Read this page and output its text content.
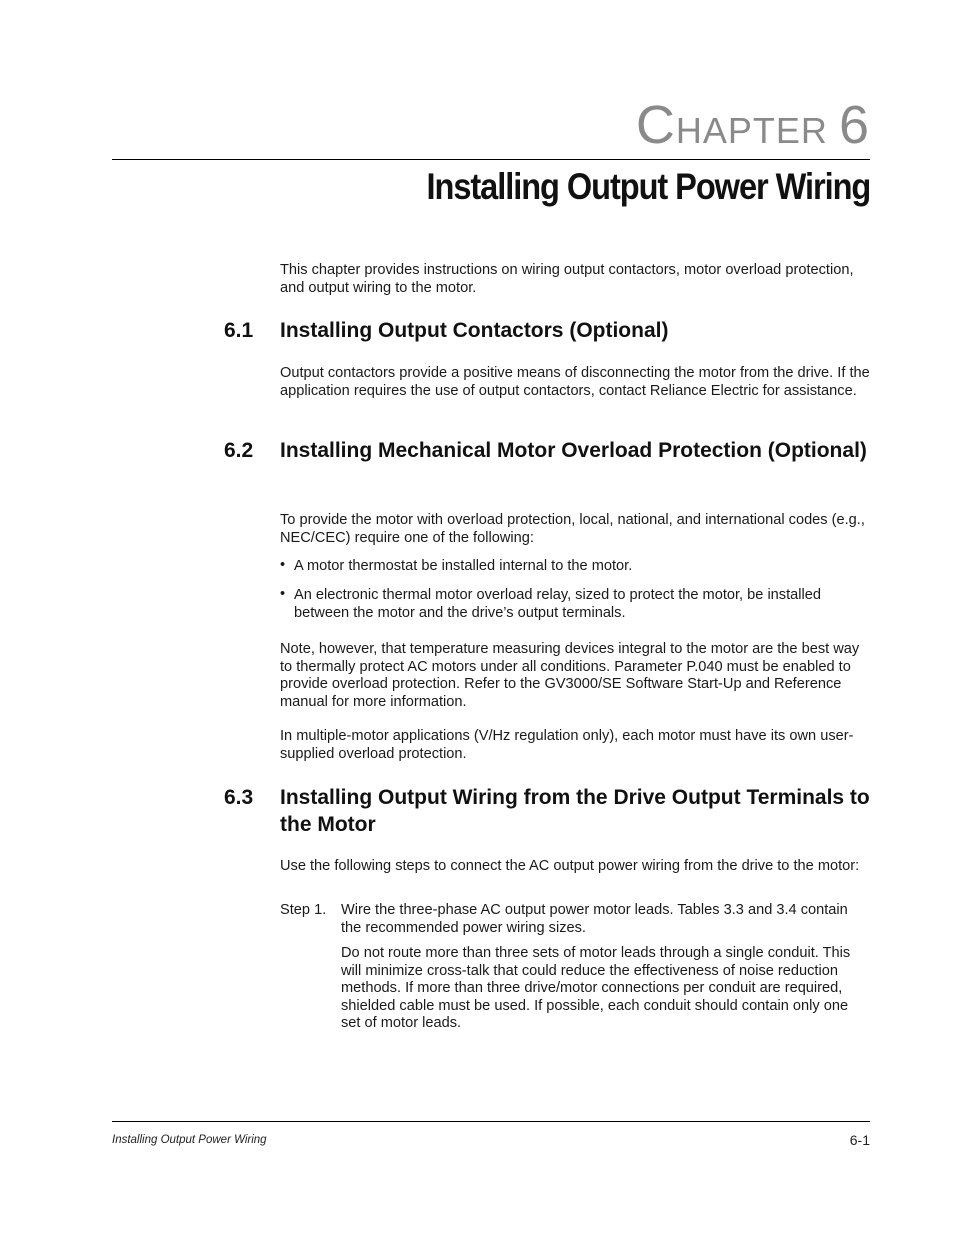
CHAPTER 6
Installing Output Power Wiring

This chapter provides instructions on wiring output contactors, motor overload protection, and output wiring to the motor.

6.1 Installing Output Contactors (Optional)

Output contactors provide a positive means of disconnecting the motor from the drive. If the application requires the use of output contactors, contact Reliance Electric for assistance.

6.2 Installing Mechanical Motor Overload Protection (Optional)

To provide the motor with overload protection, local, national, and international codes (e.g., NEC/CEC) require one of the following:

• A motor thermostat be installed internal to the motor.
• An electronic thermal motor overload relay, sized to protect the motor, be installed between the motor and the drive’s output terminals.

Note, however, that temperature measuring devices integral to the motor are the best way to thermally protect AC motors under all conditions. Parameter P.040 must be enabled to provide overload protection. Refer to the GV3000/SE Software Start-Up and Reference manual for more information.

In multiple-motor applications (V/Hz regulation only), each motor must have its own user-supplied overload protection.

6.3 Installing Output Wiring from the Drive Output Terminals to the Motor

Use the following steps to connect the AC output power wiring from the drive to the motor:

Step 1. Wire the three-phase AC output power motor leads. Tables 3.3 and 3.4 contain the recommended power wiring sizes.

Do not route more than three sets of motor leads through a single conduit. This will minimize cross-talk that could reduce the effectiveness of noise reduction methods. If more than three drive/motor connections per conduit are required, shielded cable must be used. If possible, each conduit should contain only one set of motor leads.

Installing Output Power Wiring	6-1
